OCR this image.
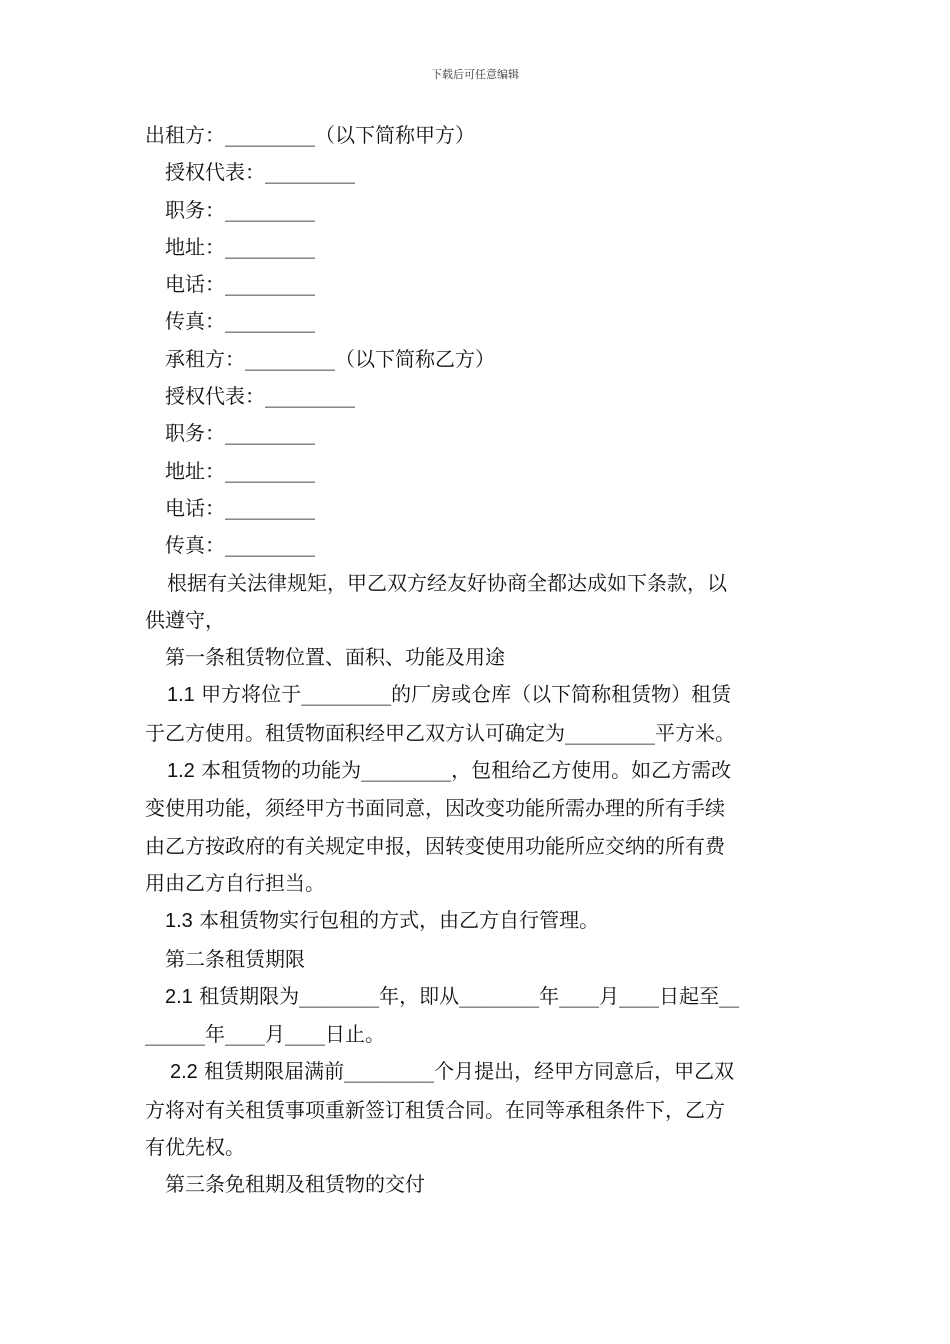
下载后可任意编辑
出租方：_________（以下简称甲方）
授权代表：_________
职务：_________
地址：_________
电话：_________
传真：_________
承租方：_________（以下简称乙方）
授权代表：_________
职务：_________
地址：_________
电话：_________
传真：_________
根据有关法律规矩，甲乙双方经友好协商全都达成如下条款，以
供遵守，
第一条租赁物位置、面积、功能及用途
1.1 甲方将位于_________的厂房或仓库（以下简称租赁物）租赁
于乙方使用。租赁物面积经甲乙双方认可确定为_________平方米。
1.2 本租赁物的功能为_________，包租给乙方使用。如乙方需改
变使用功能，须经甲方书面同意，因改变功能所需办理的所有手续
由乙方按政府的有关规定申报，因转变使用功能所应交纳的所有费
用由乙方自行担当。
1.3 本租赁物实行包租的方式，由乙方自行管理。
第二条租赁期限
2.1 租赁期限为________年，即从________年____月____日起至__
______年____月____日止。
2.2 租赁期限届满前_________个月提出，经甲方同意后，甲乙双
方将对有关租赁事项重新签订租赁合同。在同等承租条件下，乙方
有优先权。
第三条免租期及租赁物的交付
